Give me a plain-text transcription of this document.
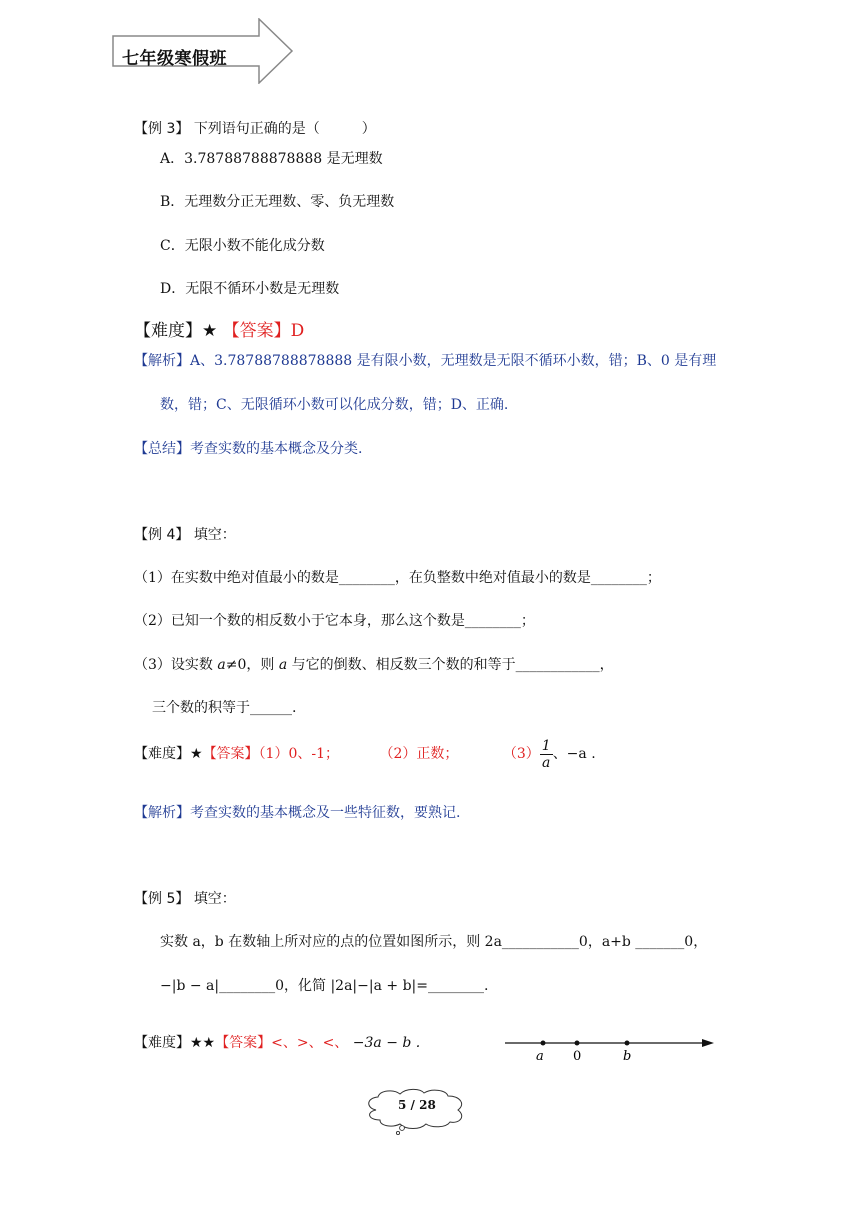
七年级寒假班
【例 3】 下列语句正确的是（　　　）
A．3.78788788878888 是无理数
B．无理数分正无理数、零、负无理数
C．无限小数不能化成分数
D．无限不循环小数是无理数
【难度】★ 【答案】D
【解析】A、3.78788788878888 是有限小数，无理数是无限不循环小数，错；B、0 是有理
数，错；C、无限循环小数可以化成分数，错；D、正确.
【总结】考查实数的基本概念及分类.
【例 4】 填空：
（1）在实数中绝对值最小的数是________，在负整数中绝对值最小的数是________；
（2）已知一个数的相反数小于它本身，那么这个数是________；
（3）设实数 a≠0，则 a 与它的倒数、相反数三个数的和等于____________，
三个数的积等于______.
【难度】★【答案】（1）0、-1；	（2）正数；	$(3) \frac{1}{a}$ 、−a .
【解析】考查实数的基本概念及一些特征数，要熟记.
【例 5】 填空：
实数 a，b 在数轴上所对应的点的位置如图所示，则 2a___________0，a+b _______0，
−|b − a|________0，化简 |2a|−|a + b|=________.
【难度】★★【答案】<、>、<、 −3a − b .
a 0	b
5 / 28
